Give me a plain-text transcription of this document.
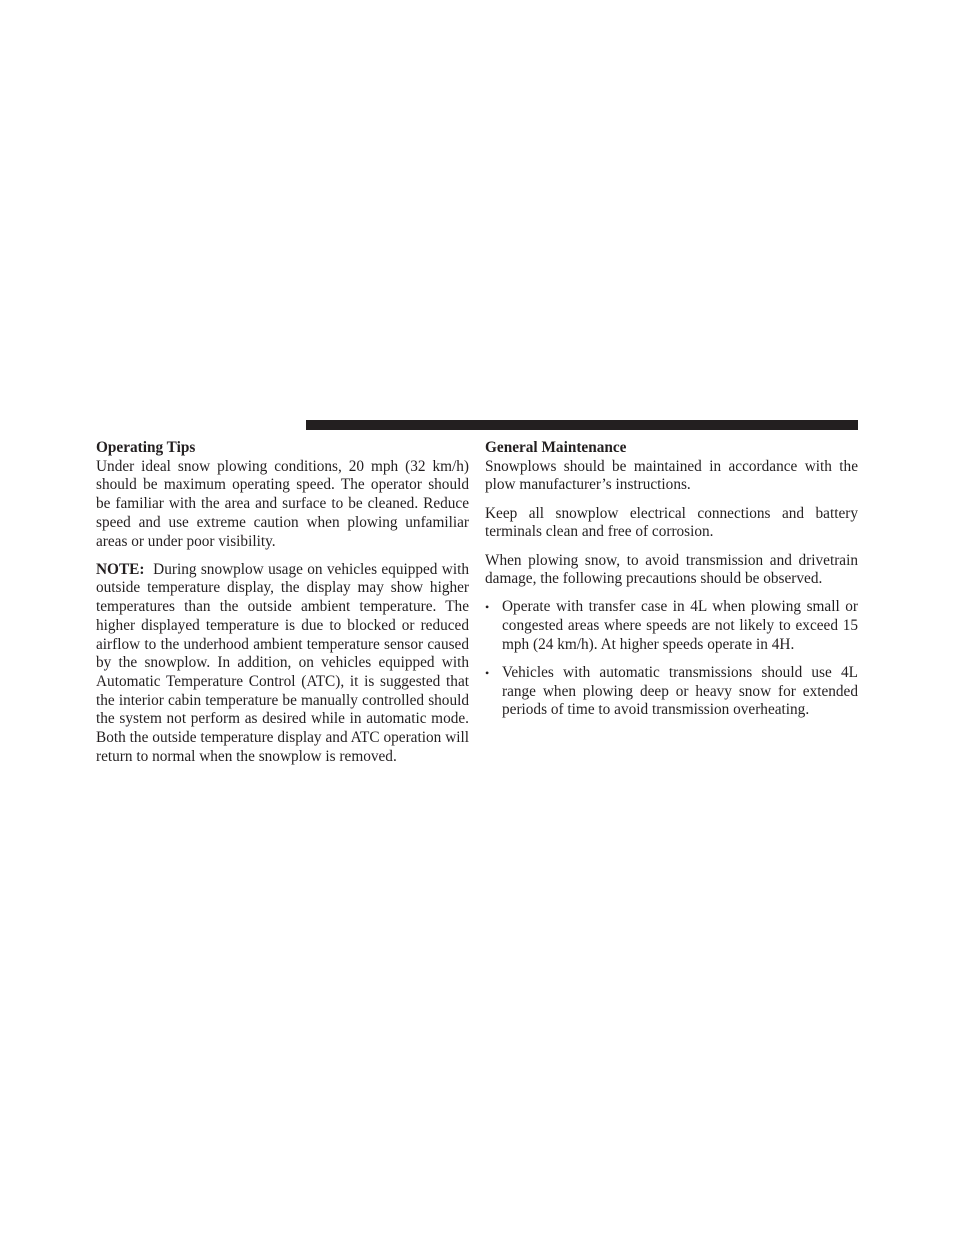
Operating Tips

Under ideal snow plowing conditions, 20 mph (32 km/h) should be maximum operating speed. The operator should be familiar with the area and surface to be cleaned. Reduce speed and use extreme caution when plowing unfamiliar areas or under poor visibility.

NOTE: During snowplow usage on vehicles equipped with outside temperature display, the display may show higher temperatures than the outside ambient temperature. The higher displayed temperature is due to blocked or reduced airflow to the underhood ambient temperature sensor caused by the snowplow. In addition, on vehicles equipped with Automatic Temperature Control (ATC), it is suggested that the interior cabin temperature be manually controlled should the system not perform as desired while in automatic mode. Both the outside temperature display and ATC operation will return to normal when the snowplow is removed.

General Maintenance

Snowplows should be maintained in accordance with the plow manufacturer’s instructions.

Keep all snowplow electrical connections and battery terminals clean and free of corrosion.

When plowing snow, to avoid transmission and drivetrain damage, the following precautions should be observed.

• Operate with transfer case in 4L when plowing small or congested areas where speeds are not likely to exceed 15 mph (24 km/h). At higher speeds operate in 4H.
• Vehicles with automatic transmissions should use 4L range when plowing deep or heavy snow for extended periods of time to avoid transmission overheating.
